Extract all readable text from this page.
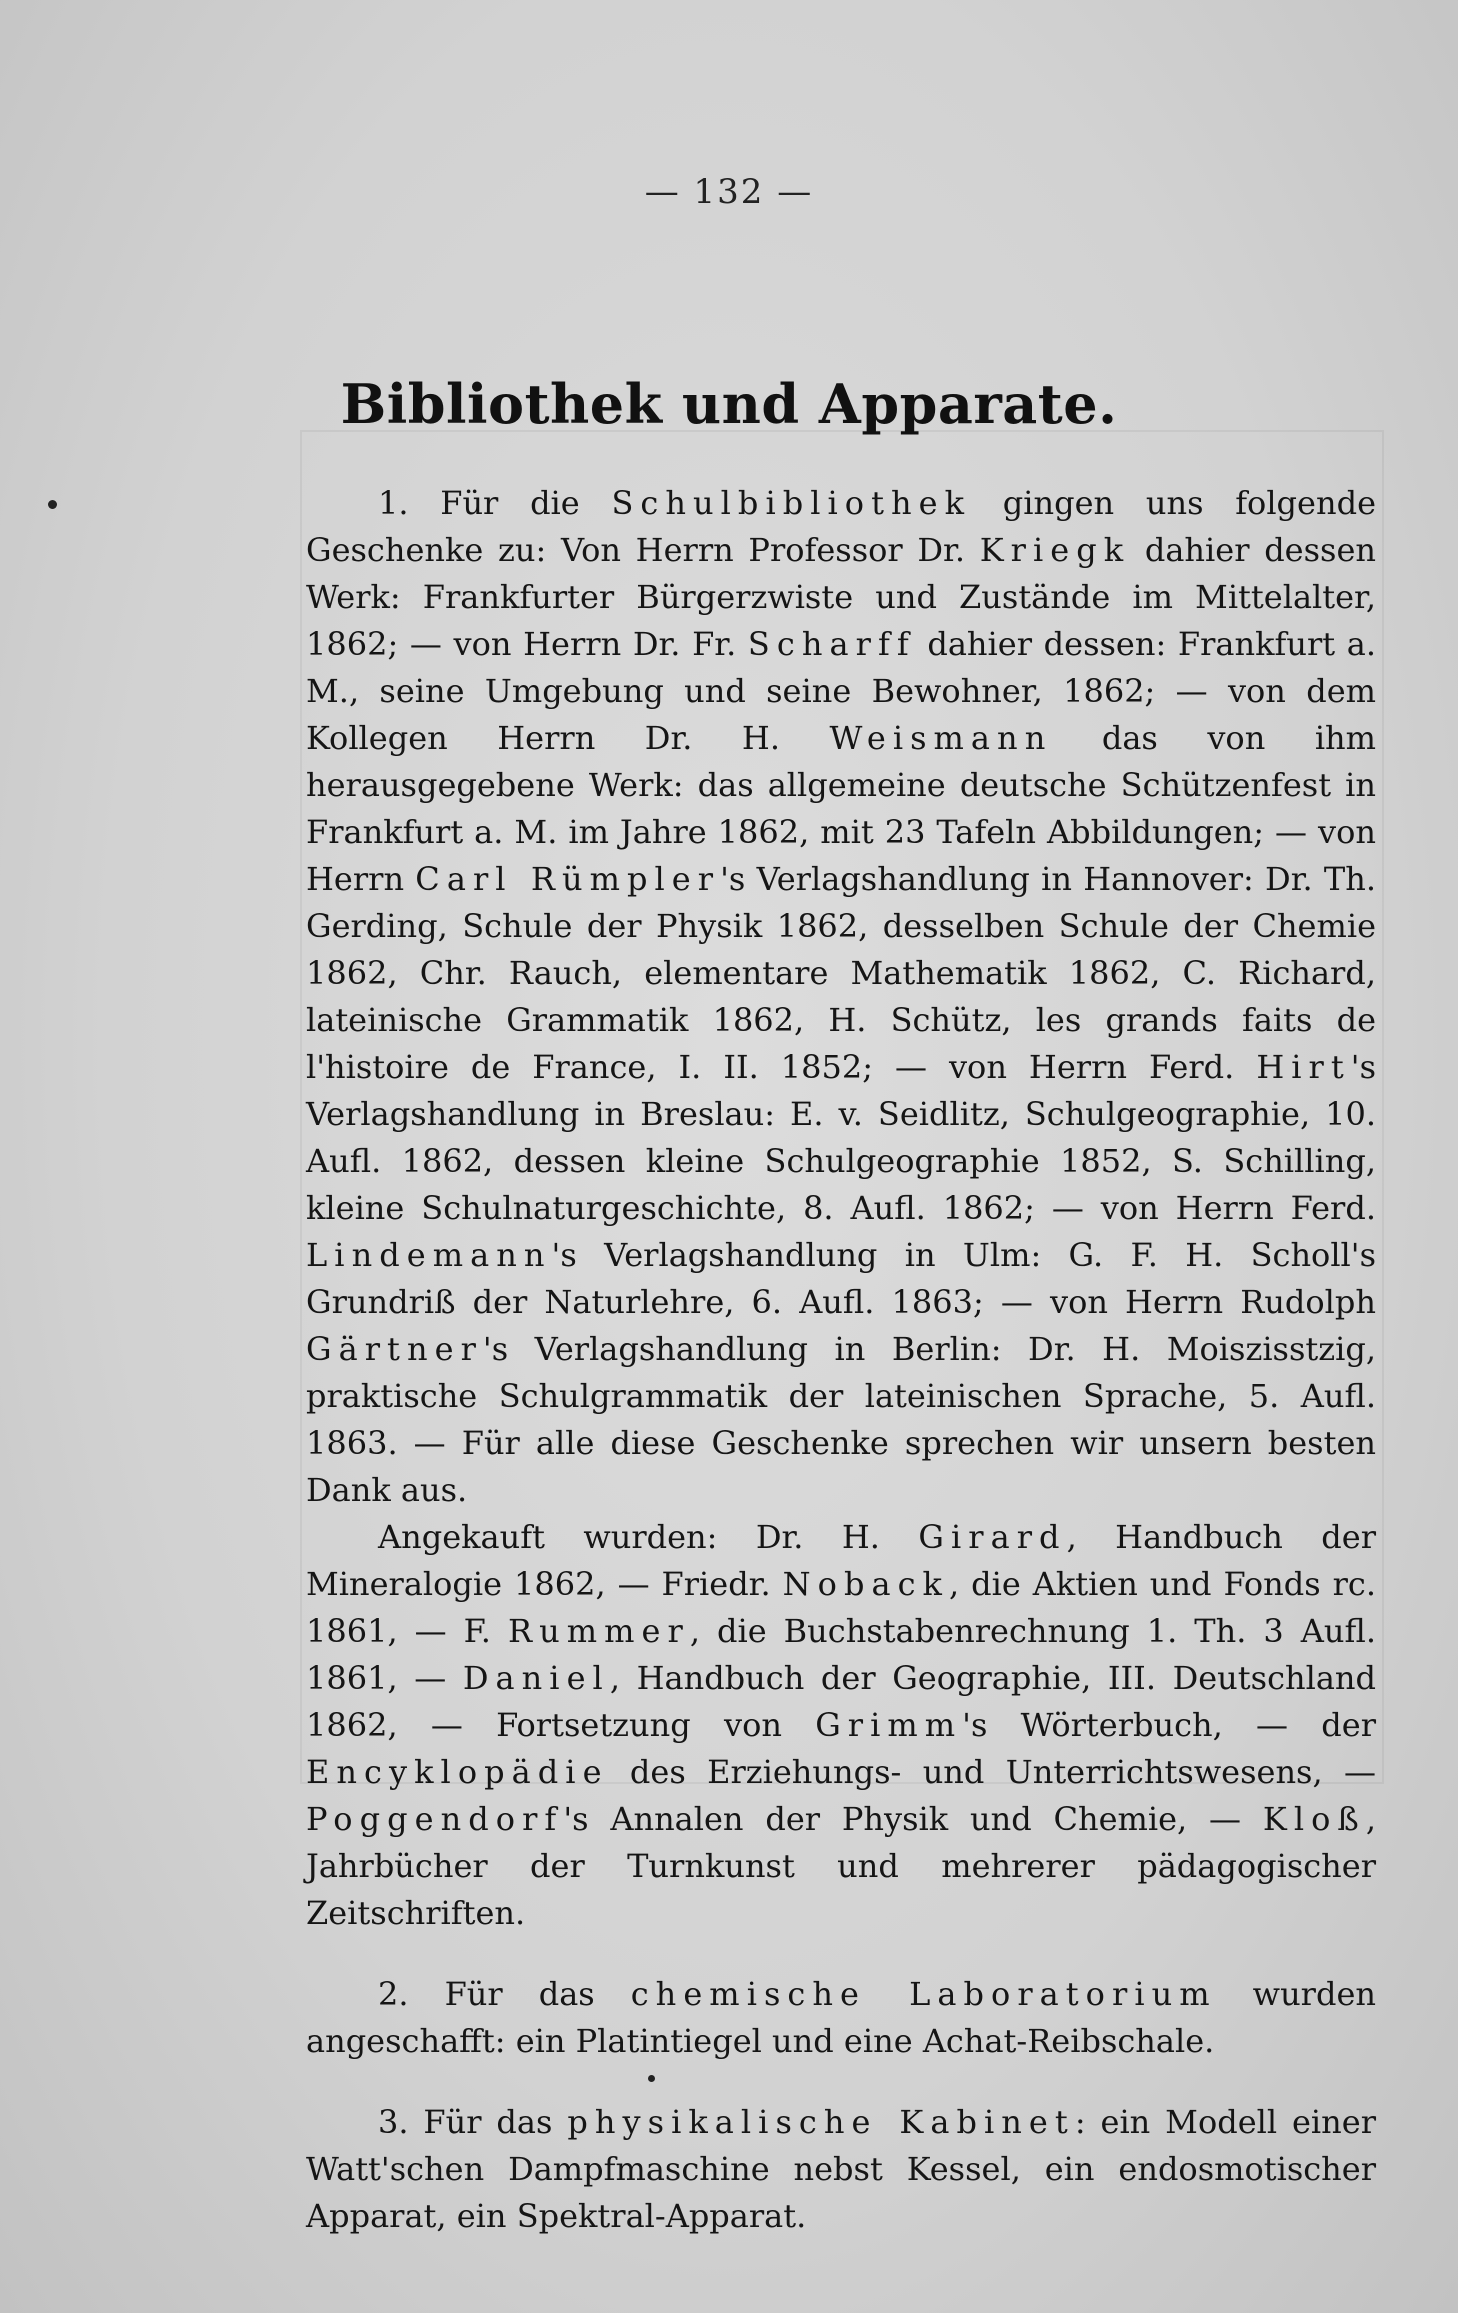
— 132 —
Bibliothek und Apparate.

1. Für die Schulbibliothek gingen uns folgende Geschenke zu: Von Herrn Professor Dr. Kriegk dahier dessen Werk: Frankfurter Bürgerzwiste und Zustände im Mittelalter, 1862; — von Herrn Dr. Fr. Scharff dahier dessen: Frankfurt a. M., seine Umgebung und seine Bewohner, 1862; — von dem Kollegen Herrn Dr. H. Weismann das von ihm herausgegebene Werk: das allgemeine deutsche Schützenfest in Frankfurt a. M. im Jahre 1862, mit 23 Tafeln Abbildungen; — von Herrn Carl Rümpler's Verlagshandlung in Hannover: Dr. Th. Gerding, Schule der Physik 1862, desselben Schule der Chemie 1862, Chr. Rauch, elementare Mathematik 1862, C. Richard, lateinische Grammatik 1862, H. Schütz, les grands faits de l'histoire de France, I. II. 1852; — von Herrn Ferd. Hirt's Verlagshandlung in Breslau: E. v. Seidlitz, Schulgeographie, 10. Aufl. 1862, dessen kleine Schulgeographie 1852, S. Schilling, kleine Schulnaturgeschichte, 8. Aufl. 1862; — von Herrn Ferd. Lindemann's Verlagshandlung in Ulm: G. F. H. Scholl's Grundriß der Naturlehre, 6. Aufl. 1863; — von Herrn Rudolph Gärtner's Verlagshandlung in Berlin: Dr. H. Moiszisstzig, praktische Schulgrammatik der lateinischen Sprache, 5. Aufl. 1863. — Für alle diese Geschenke sprechen wir unsern besten Dank aus.

Angekauft wurden: Dr. H. Girard, Handbuch der Mineralogie 1862, — Friedr. Noback, die Aktien und Fonds rc. 1861, — F. Rummer, die Buchstabenrechnung 1. Th. 3 Aufl. 1861, — Daniel, Handbuch der Geographie, III. Deutschland 1862, — Fortsetzung von Grimm's Wörterbuch, — der Encyklopädie des Erziehungs- und Unterrichtswesens, — Poggendorf's Annalen der Physik und Chemie, — Kloß, Jahrbücher der Turnkunst und mehrerer pädagogischer Zeitschriften.

2. Für das chemische Laboratorium wurden angeschafft: ein Platintiegel und eine Achat-Reibschale.

3. Für das physikalische Kabinet: ein Modell einer Watt'schen Dampfmaschine nebst Kessel, ein endosmotischer Apparat, ein Spektral-Apparat.
